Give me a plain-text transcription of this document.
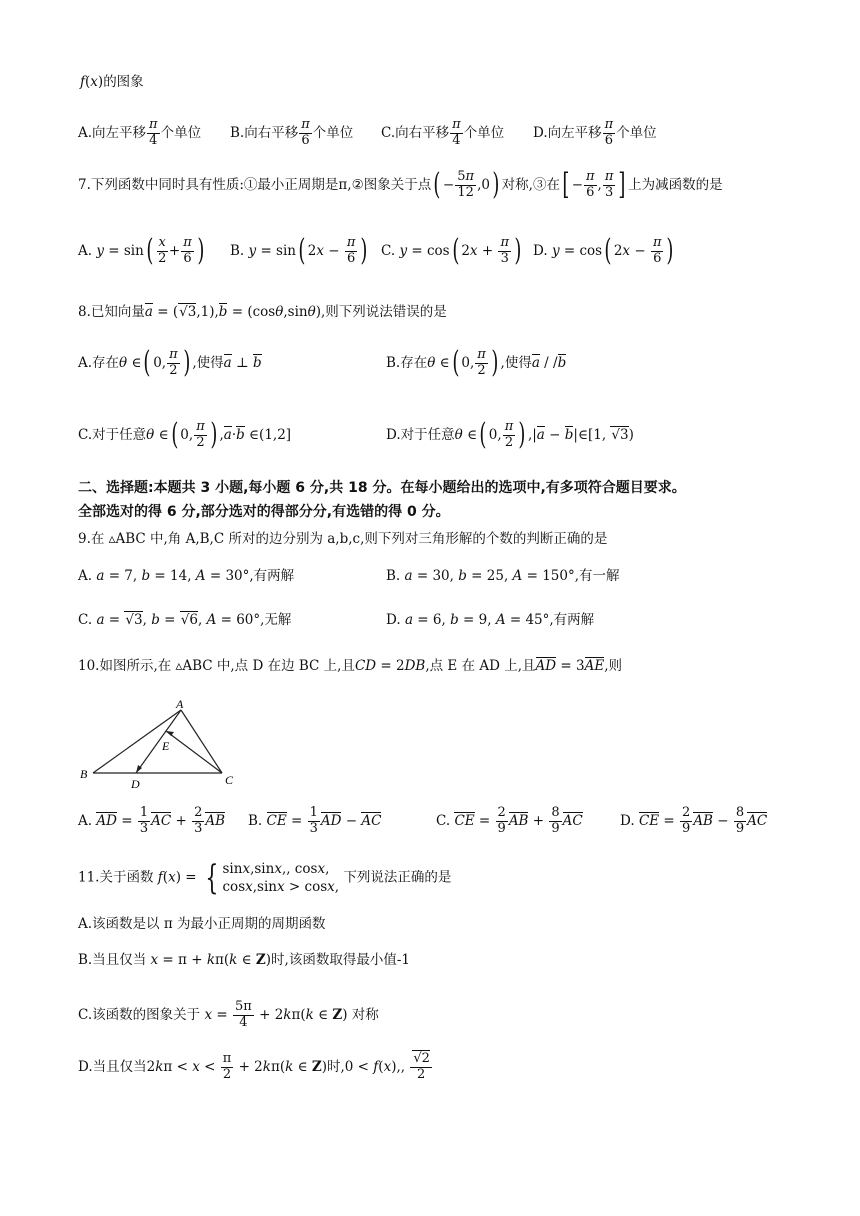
f(x)的图象
A.向左平移 $\frac{\pi}{4}$ 个单位 B.向右平移 $\frac{\pi}{6}$ 个单位 C.向右平移 $\frac{\pi}{4}$ 个单位 D.向左平移 $\frac{\pi}{6}$ 个单位
7.下列函数中同时具有性质:①最小正周期是π,②图象关于点( − $\frac{5\pi}{12} ,0$) 对称,③在[ − $\frac{\pi}{6}$ , $\frac{\pi}{3}$ ] 上为减函数的是
A. $y = \sin( \frac{x}{2} + \frac{\pi}{6}$ ) B. y = sin( $2x - \frac{\pi}{6}$ ) C. y = cos( $2x + \frac{\pi}{3}$ ) D. y = cos( $2x - \frac{\pi}{6}$ )
8.已知向量a = (√3,1),b = (cosθ,sinθ),则下列说法错误的是
A.存在θ ∈( 0, $\frac{\pi}{2}$ ) ,使得a ⊥ b	B.存在θ ∈( 0, $\frac{\pi}{2}$ ) ,使得a / /b
C.对于任意θ ∈( 0, $\frac{\pi}{2}$ ) ,a·b ∈(1,2]	D.对于任意θ ∈( 0, $\frac{\pi}{2}$ ) ,|a − b|∈[1, √3)
二、选择题:本题共 3 小题,每小题 6 分,共 18 分。在每小题给出的选项中,有多项符合题目要求。
全部选对的得 6 分,部分选对的得部分分,有选错的得 0 分。
9.在 ▵ABC 中,角 A,B,C 所对的边分别为 a,b,c,则下列对三角形解的个数的判断正确的是
A. a = 7, b = 14, A = 30°,有两解	B. a = 30, b = 25, A = 150°,有一解
C. a = √3, b = √6, A = 60°,无解	D. a = 6, b = 9, A = 45°,有两解
10.如图所示,在 ▵ABC 中,点 D 在边 BC 上,且CD = 2DB,点 E 在 AD 上,且AD = 3AE,则
A
E
B
D	C
A. AD = $\frac{1}{3}$ AC + $\frac{2}{3}$ AB B. CE = $\frac{1}{3}$ AD − AC	C. CE = $\frac{2}{9}$ AB + $\frac{8}{9}$ AC	D. CE = $\frac{2}{9}$ AB − $\frac{8}{9}$ AC
11.关于函数 f(x) = { sinx,sinx,, cosx,
cosx,sinx > cosx, 下列说法正确的是
A.该函数是以 π 为最小正周期的周期函数
B.当且仅当 x = π + kπ(k ∈ Z)时,该函数取得最小值-1
C.该函数的图象关于 $x = \frac{5\pi}{4} + 2k\pi(k$ ∈ Z) 对称
D.当且仅当$2k\pi < x < \frac{\pi}{2} + 2k\pi(k$ ∈ Z)时,0 < f(x),, $\frac{√2}{2}$
